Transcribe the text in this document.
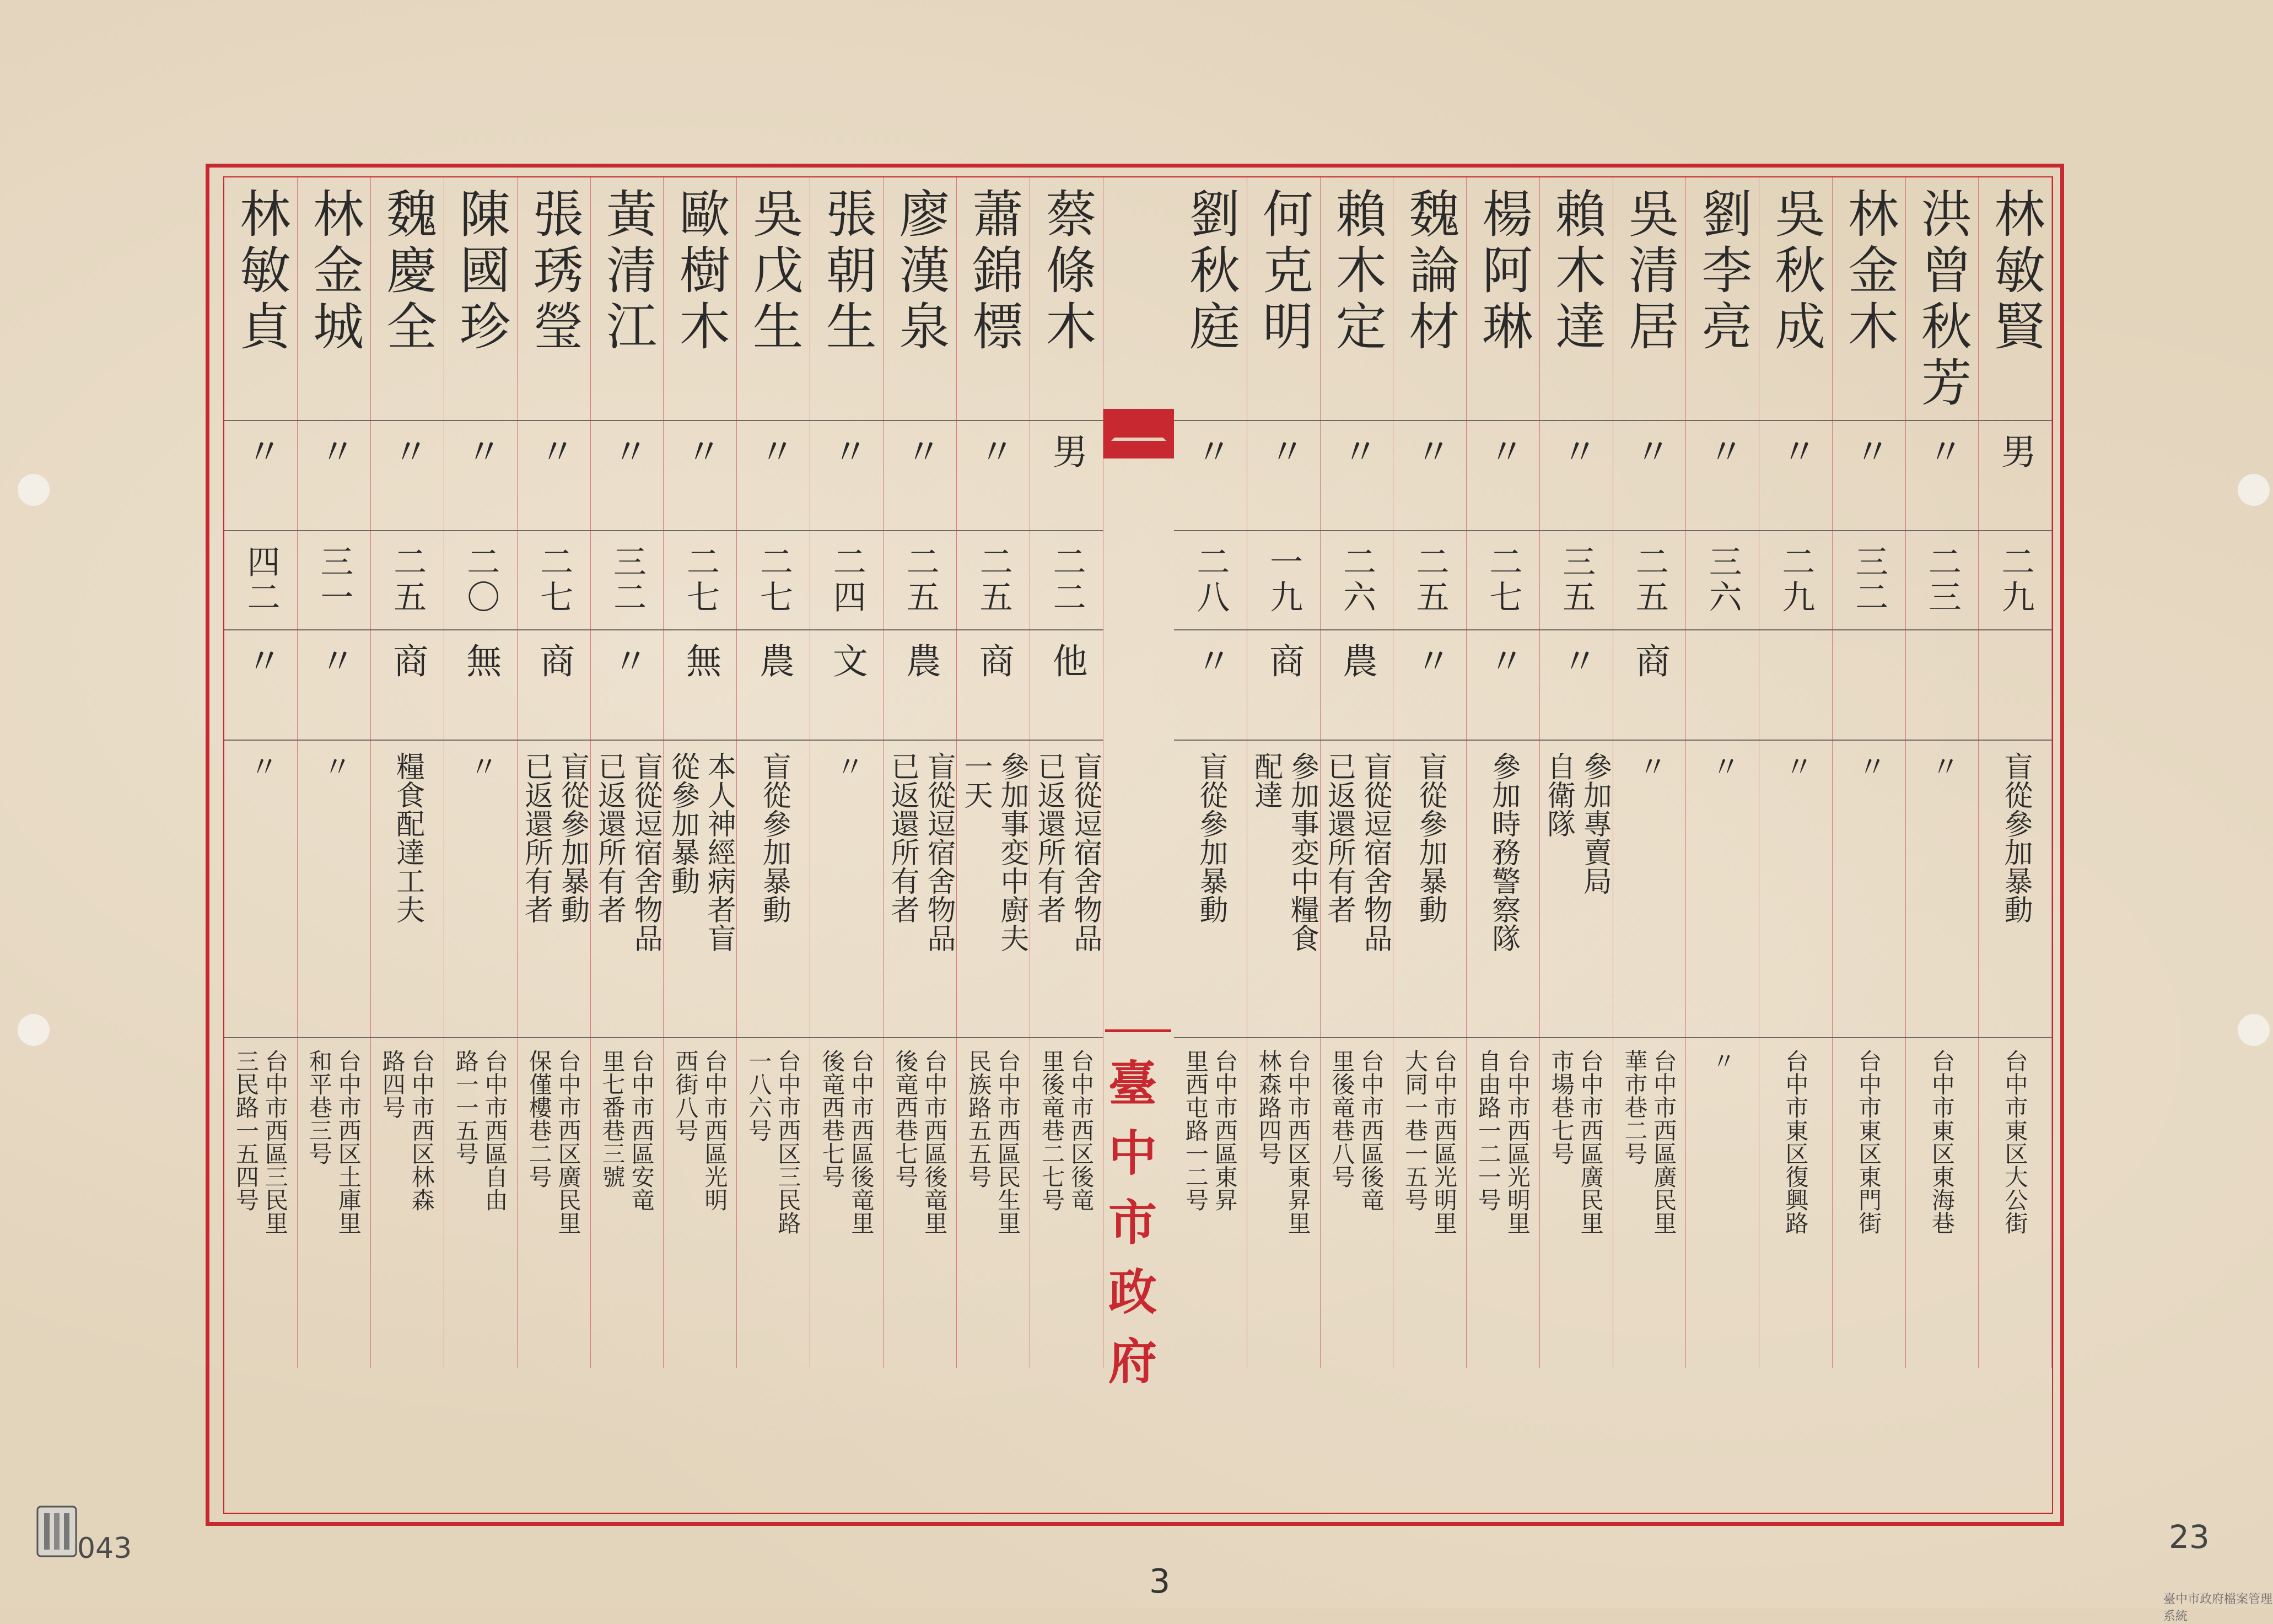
林敏貞
〃
四二
〃
〃
台中市西區三民里
三民路一五四号
林金城
〃
三一
〃
〃
台中市西区土庫里
和平巷三号
魏慶全
〃
二五
商
糧食配達工夫
台中市西区林森
路四号
陳國珍
〃
二〇
無
〃
台中市西區自由
路一一五号
張琇瑩
〃
二七
商
盲從參加暴動
已返還所有者
台中市西区廣民里
保僅樓巷二号
黃清江
〃
三二
〃
盲從逗宿舍物品
已返還所有者
台中市西區安竜
里七番巷三號
歐樹木
〃
二七
無
本人神經病者盲
從參加暴動
台中市西區光明
西街八号
吳戊生
〃
二七
農
盲從參加暴動
台中市西区三民路
一八六号
張朝生
〃
二四
文
〃
台中市西區後竜里
後竜西巷七号
廖漢泉
〃
二五
農
盲從逗宿舍物品
已返還所有者
台中市西區後竜里
後竜西巷七号
蕭錦標
〃
二五
商
參加事変中廚夫
一天
台中市西區民生里
民族路五五号
蔡條木
男
二二
他
盲從逗宿舍物品
已返還所有者
台中市西区後竜
里後竜巷二七号
劉秋庭
〃
二八
〃
盲從參加暴動
台中市西區東昇
里西屯路一二号
何克明
〃
一九
商
參加事変中糧食
配達
台中市西区東昇里
林森路四号
賴木定
〃
二六
農
盲從逗宿舍物品
已返還所有者
台中市西區後竜
里後竜巷八号
魏論材
〃
二五
〃
盲從參加暴動
台中市西區光明里
大同一巷一五号
楊阿琳
〃
二七
〃
參加時務警察隊
台中市西區光明里
自由路一二一号
賴木達
〃
三五
〃
參加專賣局
自衛隊
台中市西區廣民里
市場巷七号
吳清居
〃
二五
商
〃
台中市西區廣民里
華市巷二号
劉李亮
〃
三六
〃
〃
吳秋成
〃
二九
〃
台中市東区復興路
林金木
〃
三二
〃
台中市東区東門街
洪曾秋芳
〃
二三
〃
台中市東区東海巷
林敏賢
男
二九
盲從參加暴動
台中市東区大公街
臺中市政府
043
3
23
臺中市政府檔案管理系統
